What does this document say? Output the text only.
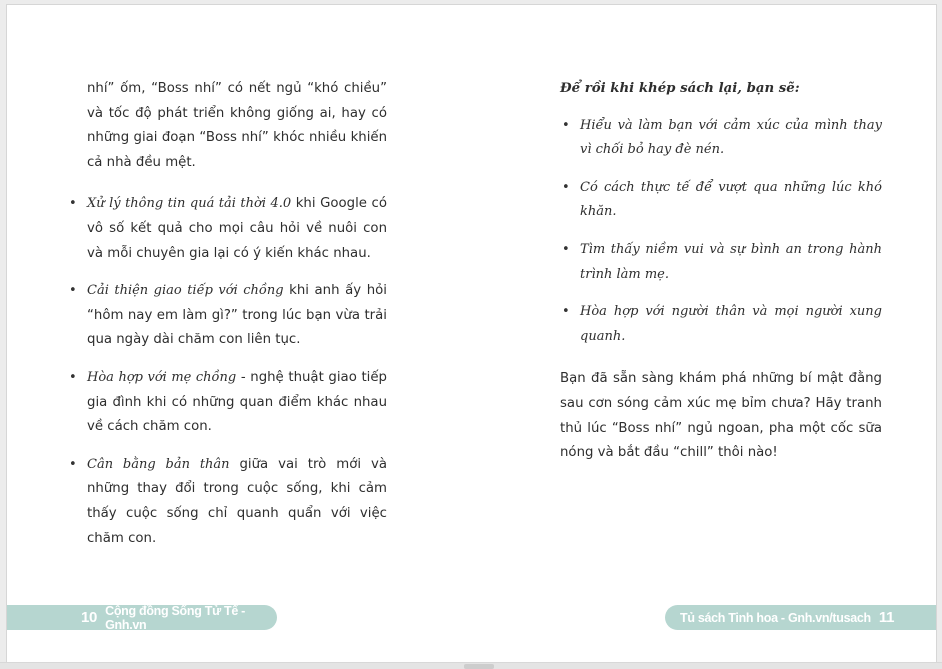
nhí” ốm, “Boss nhí” có nết ngủ “khó chiều” và tốc độ phát triển không giống ai, hay có những giai đoạn “Boss nhí” khóc nhiều khiến cả nhà đều mệt.

• Xử lý thông tin quá tải thời 4.0 khi Google có vô số kết quả cho mọi câu hỏi về nuôi con và mỗi chuyên gia lại có ý kiến khác nhau.
• Cải thiện giao tiếp với chồng khi anh ấy hỏi “hôm nay em làm gì?” trong lúc bạn vừa trải qua ngày dài chăm con liên tục.
• Hòa hợp với mẹ chồng - nghệ thuật giao tiếp gia đình khi có những quan điểm khác nhau về cách chăm con.
• Cân bằng bản thân giữa vai trò mới và những thay đổi trong cuộc sống, khi cảm thấy cuộc sống chỉ quanh quẩn với việc chăm con.

Để rồi khi khép sách lại, bạn sẽ:

• Hiểu và làm bạn với cảm xúc của mình thay vì chối bỏ hay đè nén.
• Có cách thực tế để vượt qua những lúc khó khăn.
• Tìm thấy niềm vui và sự bình an trong hành trình làm mẹ.
• Hòa hợp với người thân và mọi người xung quanh.

Bạn đã sẵn sàng khám phá những bí mật đằng sau cơn sóng cảm xúc mẹ bỉm chưa? Hãy tranh thủ lúc “Boss nhí” ngủ ngoan, pha một cốc sữa nóng và bắt đầu “chill” thôi nào!

10 Cộng đồng Sống Tử Tế - Gnh.vn	Tủ sách Tinh hoa - Gnh.vn/tusach 11
